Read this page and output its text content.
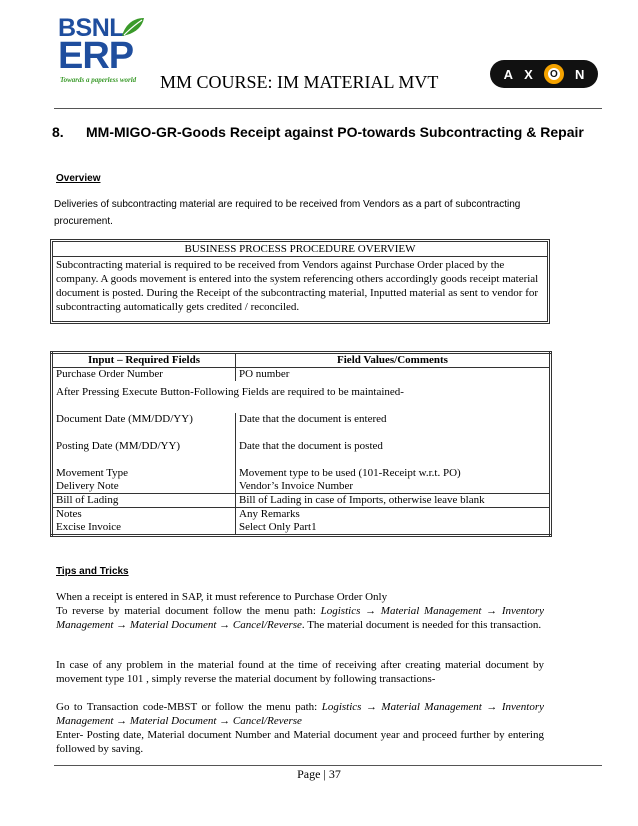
BSNL
ERP
Towards a paperless world MM COURSE: IM MATERIAL MVT	A X O N
8. MM-MIGO-GR-Goods Receipt against PO-towards Subcontracting & Repair
Overview
Deliveries of subcontracting material are required to be received from Vendors as a part of subcontracting procurement.
BUSINESS PROCESS PROCEDURE OVERVIEW
Subcontracting material is required to be received from Vendors against Purchase Order placed by the company. A goods movement is entered into the system referencing others accordingly goods receipt material document is posted. During the Receipt of the subcontracting material, Inputted material as sent to vendor for subcontracting automatically gets credited / reconciled.
Input – Required Fields	Field Values/Comments
Purchase Order Number	PO number
After Pressing Execute Button-Following Fields are required to be maintained-	
Document Date (MM/DD/YY)	Date that the document is entered
Posting Date (MM/DD/YY)	Date that the document is posted
Movement Type	Movement type to be used (101-Receipt w.r.t. PO)
Delivery Note	Vendor’s Invoice Number
Bill of Lading	Bill of Lading in case of Imports, otherwise leave blank
Notes	Any Remarks
Excise Invoice	Select Only Part1
Tips and Tricks
When a receipt is entered in SAP, it must reference to Purchase Order Only
To reverse by material document follow the menu path: Logistics → Material Management → Inventory Management → Material Document → Cancel/Reverse. The material document is needed for this transaction.
In case of any problem in the material found at the time of receiving after creating material document by movement type 101 , simply reverse the material document by following transactions-
Go to Transaction code-MBST or follow the menu path: Logistics → Material Management → Inventory Management → Material Document → Cancel/Reverse
Enter- Posting date, Material document Number and Material document year and proceed further by entering followed by saving.
Page | 37
